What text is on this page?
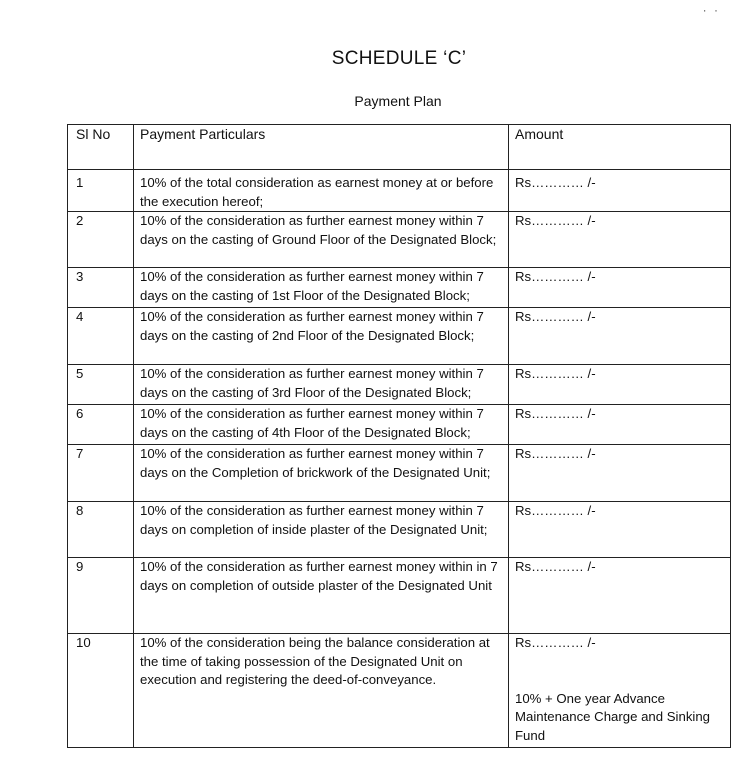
· ·
SCHEDULE ‘C’
Payment Plan
Sl No	Payment Particulars	Amount
1	10% of the total consideration as earnest money at or before the execution hereof;	Rs………… /-
2	10% of the consideration as further earnest money within 7 days on the casting of Ground Floor of the Designated Block;	Rs………… /-
3	10% of the consideration as further earnest money within 7 days on the casting of 1st Floor of the Designated Block;	Rs………… /-
4	10% of the consideration as further earnest money within 7 days on the casting of 2nd Floor of the Designated Block;	Rs………… /-
5	10% of the consideration as further earnest money within 7 days on the casting of 3rd Floor of the Designated Block;	Rs………… /-
6	10% of the consideration as further earnest money within 7 days on the casting of 4th Floor of the Designated Block;	Rs………… /-
7	10% of the consideration as further earnest money within 7 days on the Completion of brickwork of the Designated Unit;	Rs………… /-
8	10% of the consideration as further earnest money within 7 days on completion of inside plaster of the Designated Unit;	Rs………… /-
9	10% of the consideration as further earnest money within in 7 days on completion of outside plaster of the Designated Unit	Rs………… /-
10	10% of the consideration being the balance consideration at the time of taking possession of the Designated Unit on execution and registering the deed-of-conveyance.	Rs………… /-
10% + One year Advance Maintenance Charge and Sinking Fund
